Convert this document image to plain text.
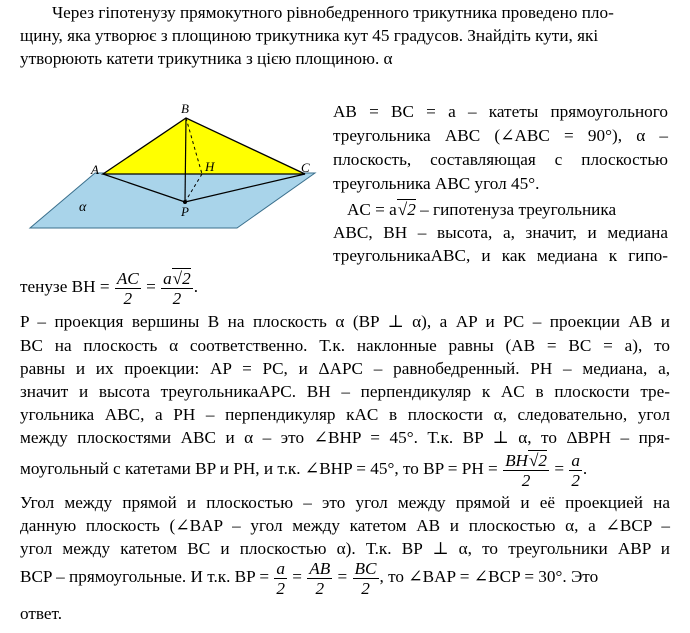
Через гіпотенузу прямокутного рівнобедренного трикутника проведено пло-
щину, яка утворює з площиною трикутника кут 45 градусов. Знайдіть кути, які
утворюють катети трикутника з цією площиною. α
B
A	C
H
P
α
AB = BC = a – катеты прямоугольного
треугольника ABC (∠ABC = 90°), α –
плоскость, составляющая с плоскостью
треугольника ABC угол 45°.
AC = a√2 – гипотенуза треугольника
ABC, BH – высота, а, значит, и медиана
треугольникаABC, и как медиана к гипо-
тенузе BH = $\frac{AC}{2} = \frac{a√2}{2}$ .
P – проекция вершины B на плоскость α (BP ⊥ α), а AP и PC – проекции AB и
BC на плоскость α соответственно. Т.к. наклонные равны (AB = BC = a), то
равны и их проекции: AP = PC, и ΔAPC – равнобедренный. PH – медиана, а,
значит и высота треугольникаAPC. BH – перпендикуляр к AC в плоскости тре-
угольника ABC, а PH – перпендикуляр кAC в плоскости α, следовательно, угол
между плоскостями ABC и α – это ∠BHP = 45°. Т.к. BP ⊥ α, то ΔBPH – пря-
моугольный с катетами BP и PH, и т.к. ∠BHP = 45°, то BP = PH = $\frac{BH√2}{2} = \frac{a}{2}$ .
Угол между прямой и плоскостью – это угол между прямой и её проекцией на
данную плоскость (∠BAP – угол между катетом AB и плоскостью α, а ∠BCP –
угол между катетом BC и плоскостью α). Т.к. BP ⊥ α, то треугольники ABP и
BCP – прямоугольные. И т.к. BP = $\frac{a}{2} = \frac{AB}{2} = \frac{BC}{2}$ , то ∠BAP = ∠BCP = 30°. Это
ответ.
